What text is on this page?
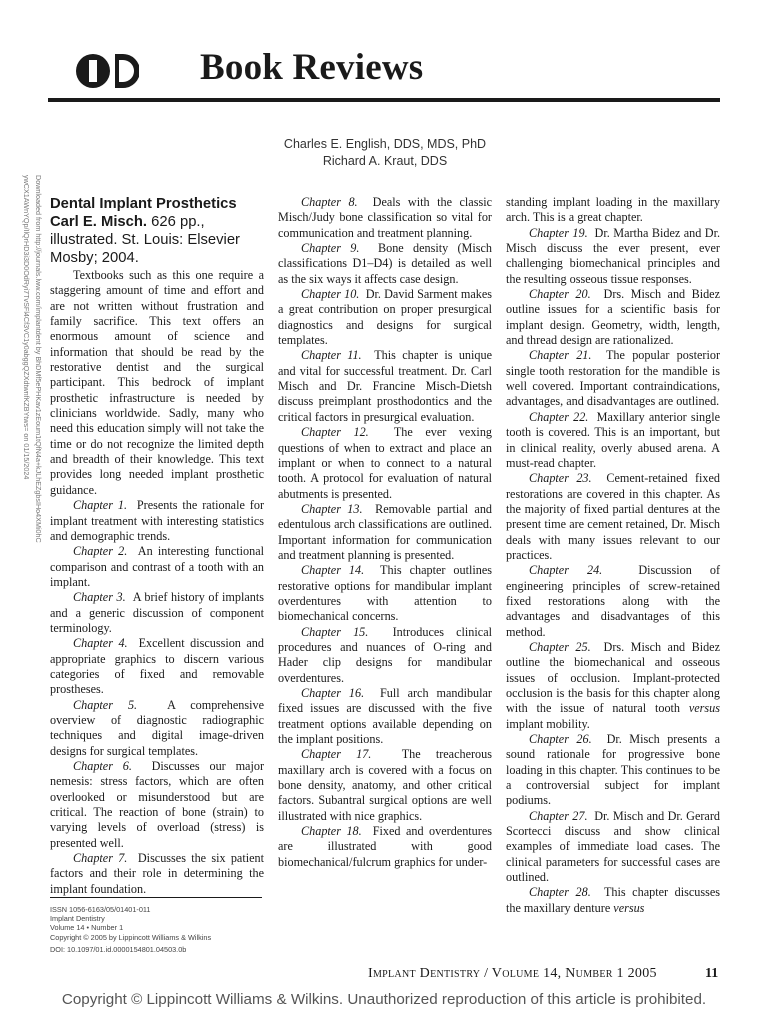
Book Reviews
Charles E. English, DDS, MDS, PhD
Richard A. Kraut, DDS
Downloaded from http://journals.lww.com/implantdent by BhDMf5ePHKav1zEoum1tQfN4a+kJLhEZgbsIHo4XMi0hC
ywCX1AWnYQp/IlQrHD3i3D0OdRyi7TvSFl4Cf3VC1y0abggQZXdtwnfKZBYtws= on 01/15/2024 Dental Implant Prosthetics
Carl E. Misch. 626 pp., illustrated. St. Louis: Elsevier Mosby; 2004.

Textbooks such as this one require a staggering amount of time and effort and are not written without frustration and family sacrifice. This text offers an enormous amount of science and information that should be read by the restorative dentist and the surgical participant. This bedrock of implant prosthetic infrastructure is needed by clinicians worldwide. Sadly, many who need this education simply will not take the time or do not recognize the limited depth and breadth of their knowledge. This text provides long needed implant prosthetic guidance.

Chapter 1. Presents the rationale for implant treatment with interesting statistics and demographic trends.

Chapter 2. An interesting functional comparison and contrast of a tooth with an implant.

Chapter 3. A brief history of implants and a generic discussion of component terminology.

Chapter 4. Excellent discussion and appropriate graphics to discern various categories of fixed and removable prostheses.

Chapter 5. A comprehensive overview of diagnostic radiographic techniques and digital image-driven designs for surgical templates.

Chapter 6. Discusses our major nemesis: stress factors, which are often overlooked or misunderstood but are critical. The reaction of bone (strain) to varying levels of overload (stress) is presented well.

Chapter 7. Discusses the six patient factors and their role in determining the implant foundation.

ISSN 1056-6163/05/01401-011
Implant Dentistry
Volume 14 • Number 1
Copyright © 2005 by Lippincott Williams & Wilkins
DOI: 10.1097/01.id.0000154801.04503.0b

Chapter 8. Deals with the classic Misch/Judy bone classification so vital for communication and treatment planning.

Chapter 9. Bone density (Misch classifications D1–D4) is detailed as well as the six ways it affects case design.

Chapter 10. Dr. David Sarment makes a great contribution on proper presurgical diagnostics and designs for surgical templates.

Chapter 11. This chapter is unique and vital for successful treatment. Dr. Carl Misch and Dr. Francine Misch-Dietsh discuss preimplant prosthodontics and the critical factors in presurgical evaluation.

Chapter 12. The ever vexing questions of when to extract and place an implant or when to connect to a natural tooth. A protocol for evaluation of natural abutments is presented.

Chapter 13. Removable partial and edentulous arch classifications are outlined. Important information for communication and treatment planning is presented.

Chapter 14. This chapter outlines restorative options for mandibular implant overdentures with attention to biomechanical concerns.

Chapter 15. Introduces clinical procedures and nuances of O-ring and Hader clip designs for mandibular overdentures.

Chapter 16. Full arch mandibular fixed issues are discussed with the five treatment options available depending on the implant positions.

Chapter 17. The treacherous maxillary arch is covered with a focus on bone density, anatomy, and other critical factors. Subantral surgical options are well illustrated with nice graphics.

Chapter 18. Fixed and overdentures are illustrated with good biomechanical/fulcrum graphics for under-

standing implant loading in the maxillary arch. This is a great chapter.

Chapter 19. Dr. Martha Bidez and Dr. Misch discuss the ever present, ever challenging biomechanical principles and the resulting osseous tissue responses.

Chapter 20. Drs. Misch and Bidez outline issues for a scientific basis for implant design. Geometry, width, length, and thread design are rationalized.

Chapter 21. The popular posterior single tooth restoration for the mandible is well covered. Important contraindications, advantages, and disadvantages are outlined.

Chapter 22. Maxillary anterior single tooth is covered. This is an important, but in clinical reality, overly abused arena. A must-read chapter.

Chapter 23. Cement-retained fixed restorations are covered in this chapter. As the majority of fixed partial dentures at the present time are cement retained, Dr. Misch deals with many issues relevant to our practices.

Chapter 24.	Discussion of engineering principles of screw-retained fixed restorations along with the advantages and disadvantages of this method.

Chapter 25. Drs. Misch and Bidez outline the biomechanical and osseous issues of occlusion. Implant-protected occlusion is the basis for this chapter along with the issue of natural tooth versus implant mobility.

Chapter 26. Dr. Misch presents a sound rationale for progressive bone loading in this chapter. This continues to be a controversial subject for implant podiums.

Chapter 27. Dr. Misch and Dr. Gerard Scortecci discuss and show clinical examples of immediate load cases. The clinical parameters for successful cases are outlined.

Chapter 28. This chapter discusses the maxillary denture versus

Implant Dentistry / Volume 14, Number 1 2005	11
Copyright © Lippincott Williams & Wilkins. Unauthorized reproduction of this article is prohibited.
